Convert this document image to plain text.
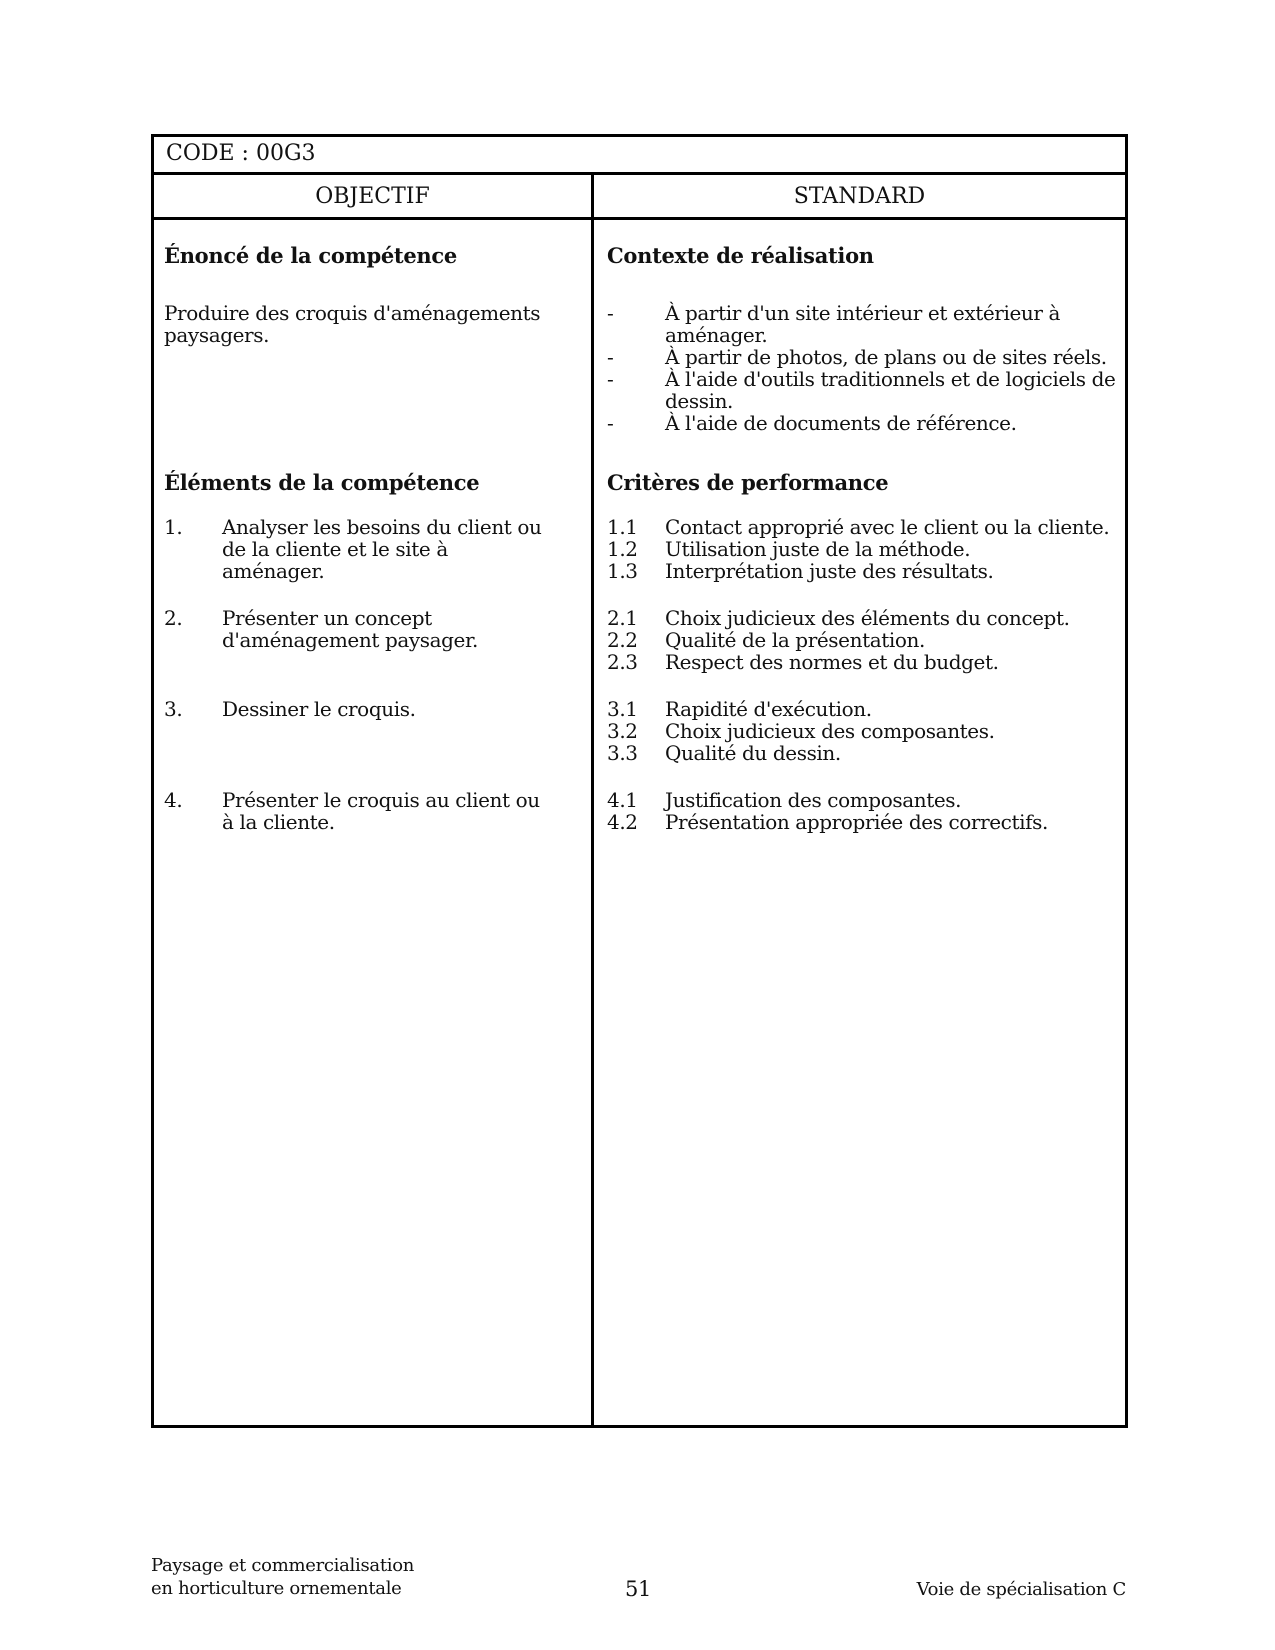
CODE : 00G3
OBJECTIF	STANDARD
Énoncé de la compétence
Produire des croquis d'aménagements paysagers.
Éléments de la compétence
1. Analyser les besoins du client ou de la cliente et le site à aménager.
2. Présenter un concept d'aménagement paysager.
3. Dessiner le croquis.
4. Présenter le croquis au client ou à la cliente.
Contexte de réalisation
-	À partir d'un site intérieur et extérieur à aménager.
-	À partir de photos, de plans ou de sites réels.
-	À l'aide d'outils traditionnels et de logiciels de dessin.
-	À l'aide de documents de référence.
Critères de performance
1.1 Contact approprié avec le client ou la cliente.
1.2 Utilisation juste de la méthode.
1.3 Interprétation juste des résultats.
2.1 Choix judicieux des éléments du concept.
2.2 Qualité de la présentation.
2.3 Respect des normes et du budget.
3.1 Rapidité d'exécution.
3.2 Choix judicieux des composantes.
3.3 Qualité du dessin.
4.1 Justification des composantes.
4.2 Présentation appropriée des correctifs.
Paysage et commercialisation
en horticulture ornementale	51	Voie de spécialisation C
